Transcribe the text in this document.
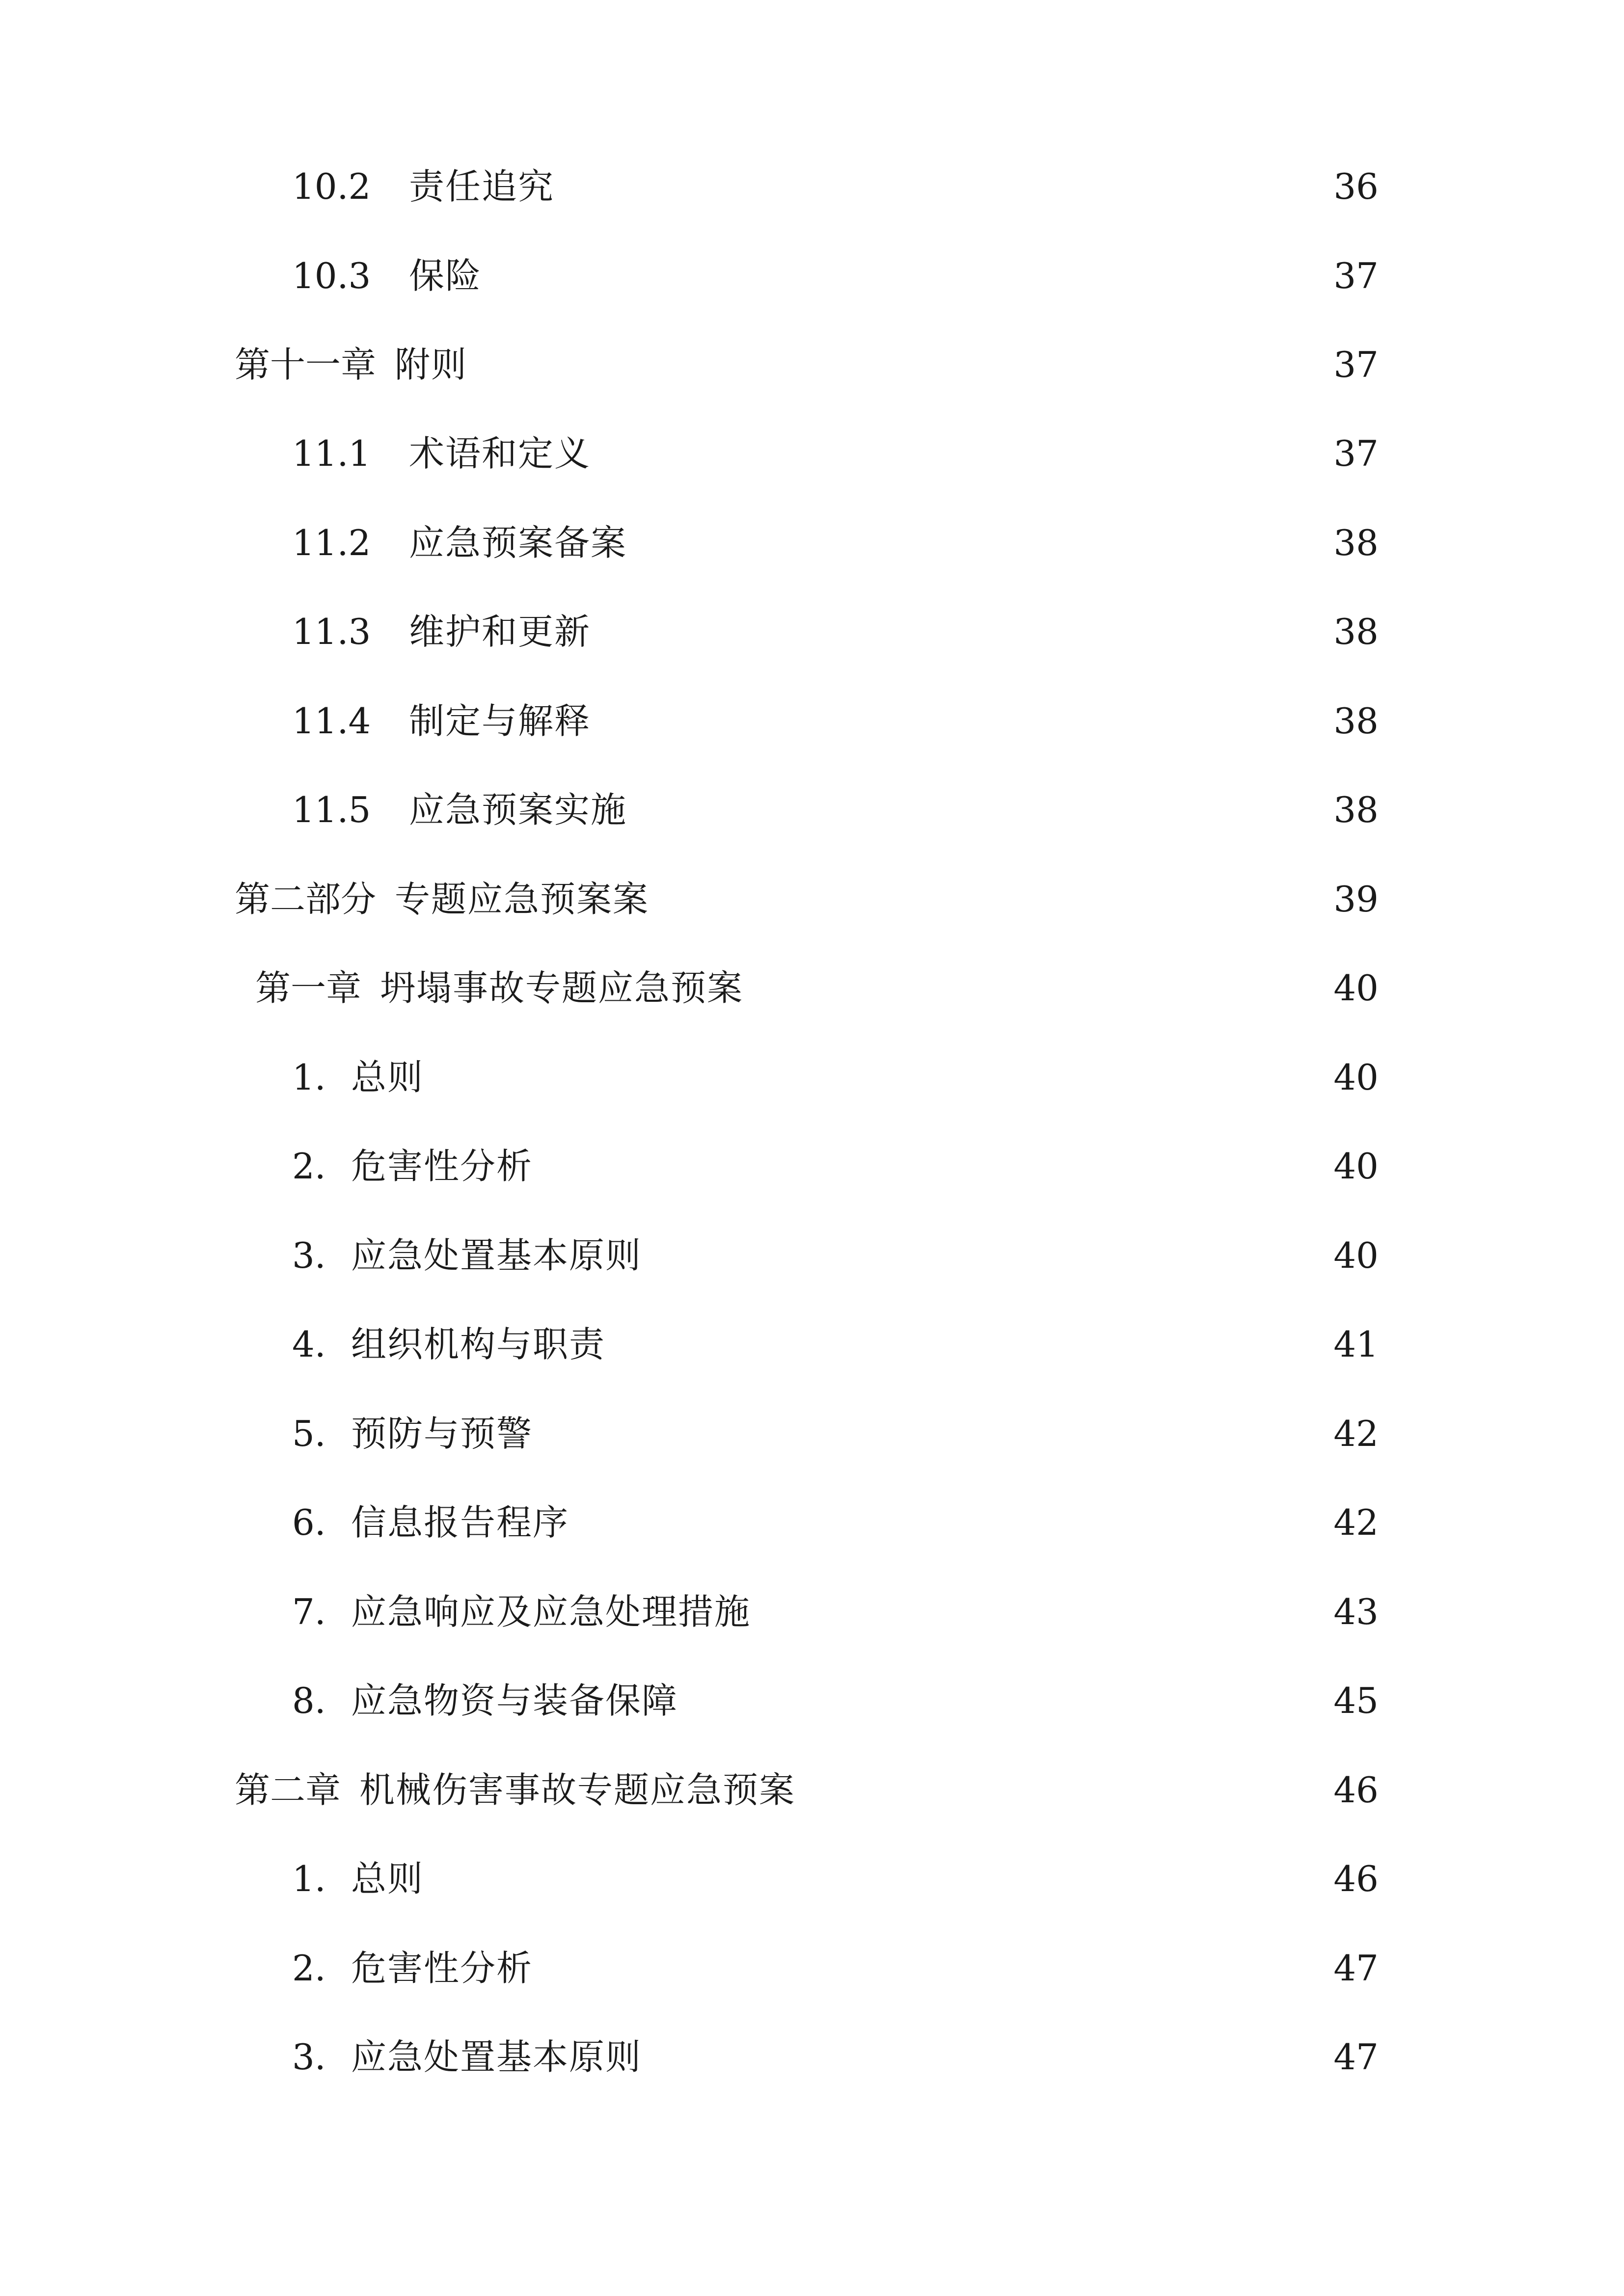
10.2	责任追究	36
10.3	保险	37
第十一章 附则	37
11.1	术语和定义	37
11.2	应急预案备案	38
11.3	维护和更新	38
11.4	制定与解释	38
11.5	应急预案实施	38
第二部分 专题应急预案案	39
第一章 坍塌事故专题应急预案	40
1. 总则	40
2. 危害性分析	40
3. 应急处置基本原则	40
4. 组织机构与职责	41
5. 预防与预警	42
6. 信息报告程序	42
7. 应急响应及应急处理措施	43
8. 应急物资与装备保障	45
第二章 机械伤害事故专题应急预案	46
1. 总则	46
2. 危害性分析	47
3. 应急处置基本原则	47
